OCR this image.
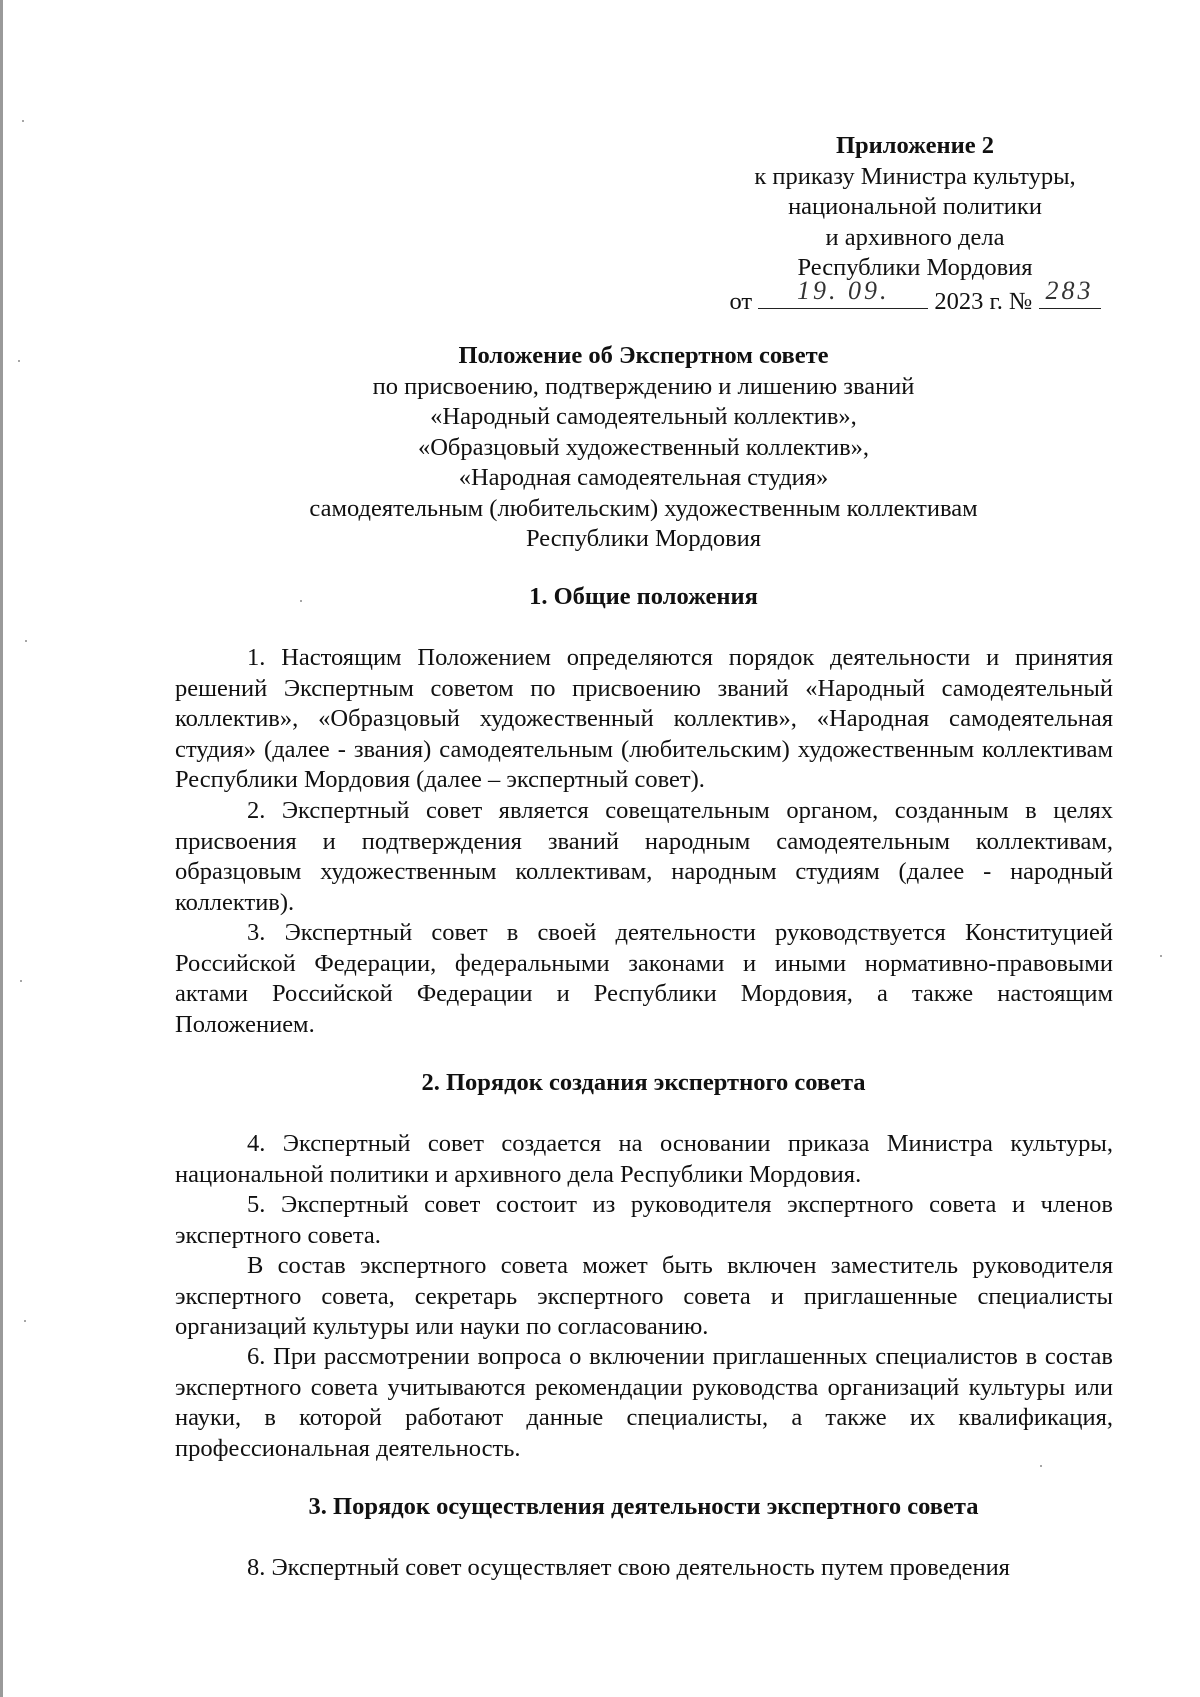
Приложение 2
к приказу Министра культуры,
национальной политики
и архивного дела
Республики Мордовия
от	19. 09.	2023 г. № 283
Положение об Экспертном совете
по присвоению, подтверждению и лишению званий
«Народный самодеятельный коллектив»,
«Образцовый художественный коллектив»,
«Народная самодеятельная студия»
самодеятельным (любительским) художественным коллективам
Республики Мордовия
1. Общие положения

1. Настоящим Положением определяются порядок деятельности и принятия решений Экспертным советом по присвоению званий «Народный самодеятельный коллектив», «Образцовый художественный коллектив», «Народная самодеятельная студия» (далее - звания) самодеятельным (любительским) художественным коллективам Республики Мордовия (далее – экспертный совет).

2. Экспертный совет является совещательным органом, созданным в целях присвоения и подтверждения званий народным самодеятельным коллективам, образцовым художественным коллективам, народным студиям (далее - народный коллектив).

3. Экспертный совет в своей деятельности руководствуется Конституцией Российской Федерации, федеральными законами и иными нормативно-правовыми актами Российской Федерации и Республики Мордовия, а также настоящим Положением.

2. Порядок создания экспертного совета

4. Экспертный совет создается на основании приказа Министра культуры, национальной политики и архивного дела Республики Мордовия.

5. Экспертный совет состоит из руководителя экспертного совета и членов экспертного совета.

В состав экспертного совета может быть включен заместитель руководителя экспертного совета, секретарь экспертного совета и приглашенные специалисты организаций культуры или науки по согласованию.

6. При рассмотрении вопроса о включении приглашенных специалистов в состав экспертного совета учитываются рекомендации руководства организаций культуры или науки, в которой работают данные специалисты, а также их квалификация, профессиональная деятельность.

3. Порядок осуществления деятельности экспертного совета

8. Экспертный совет осуществляет свою деятельность путем проведения
